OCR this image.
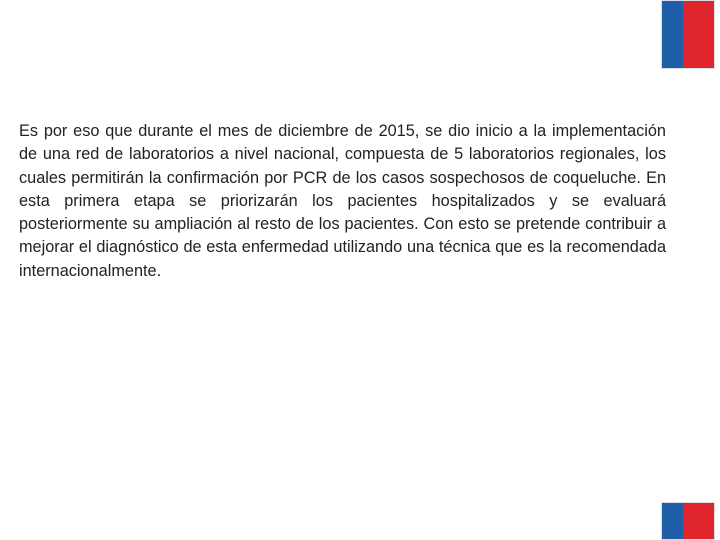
Es por eso que durante el mes de diciembre de 2015, se dio inicio a la implementación de una red de laboratorios a nivel nacional, compuesta de 5 laboratorios regionales, los cuales permitirán la confirmación por PCR de los casos sospechosos de coqueluche. En esta primera etapa se priorizarán los pacientes hospitalizados y se evaluará posteriormente su ampliación al resto de los pacientes. Con esto se pretende contribuir a mejorar el diagnóstico de esta enfermedad utilizando una técnica que es la recomendada internacionalmente.
